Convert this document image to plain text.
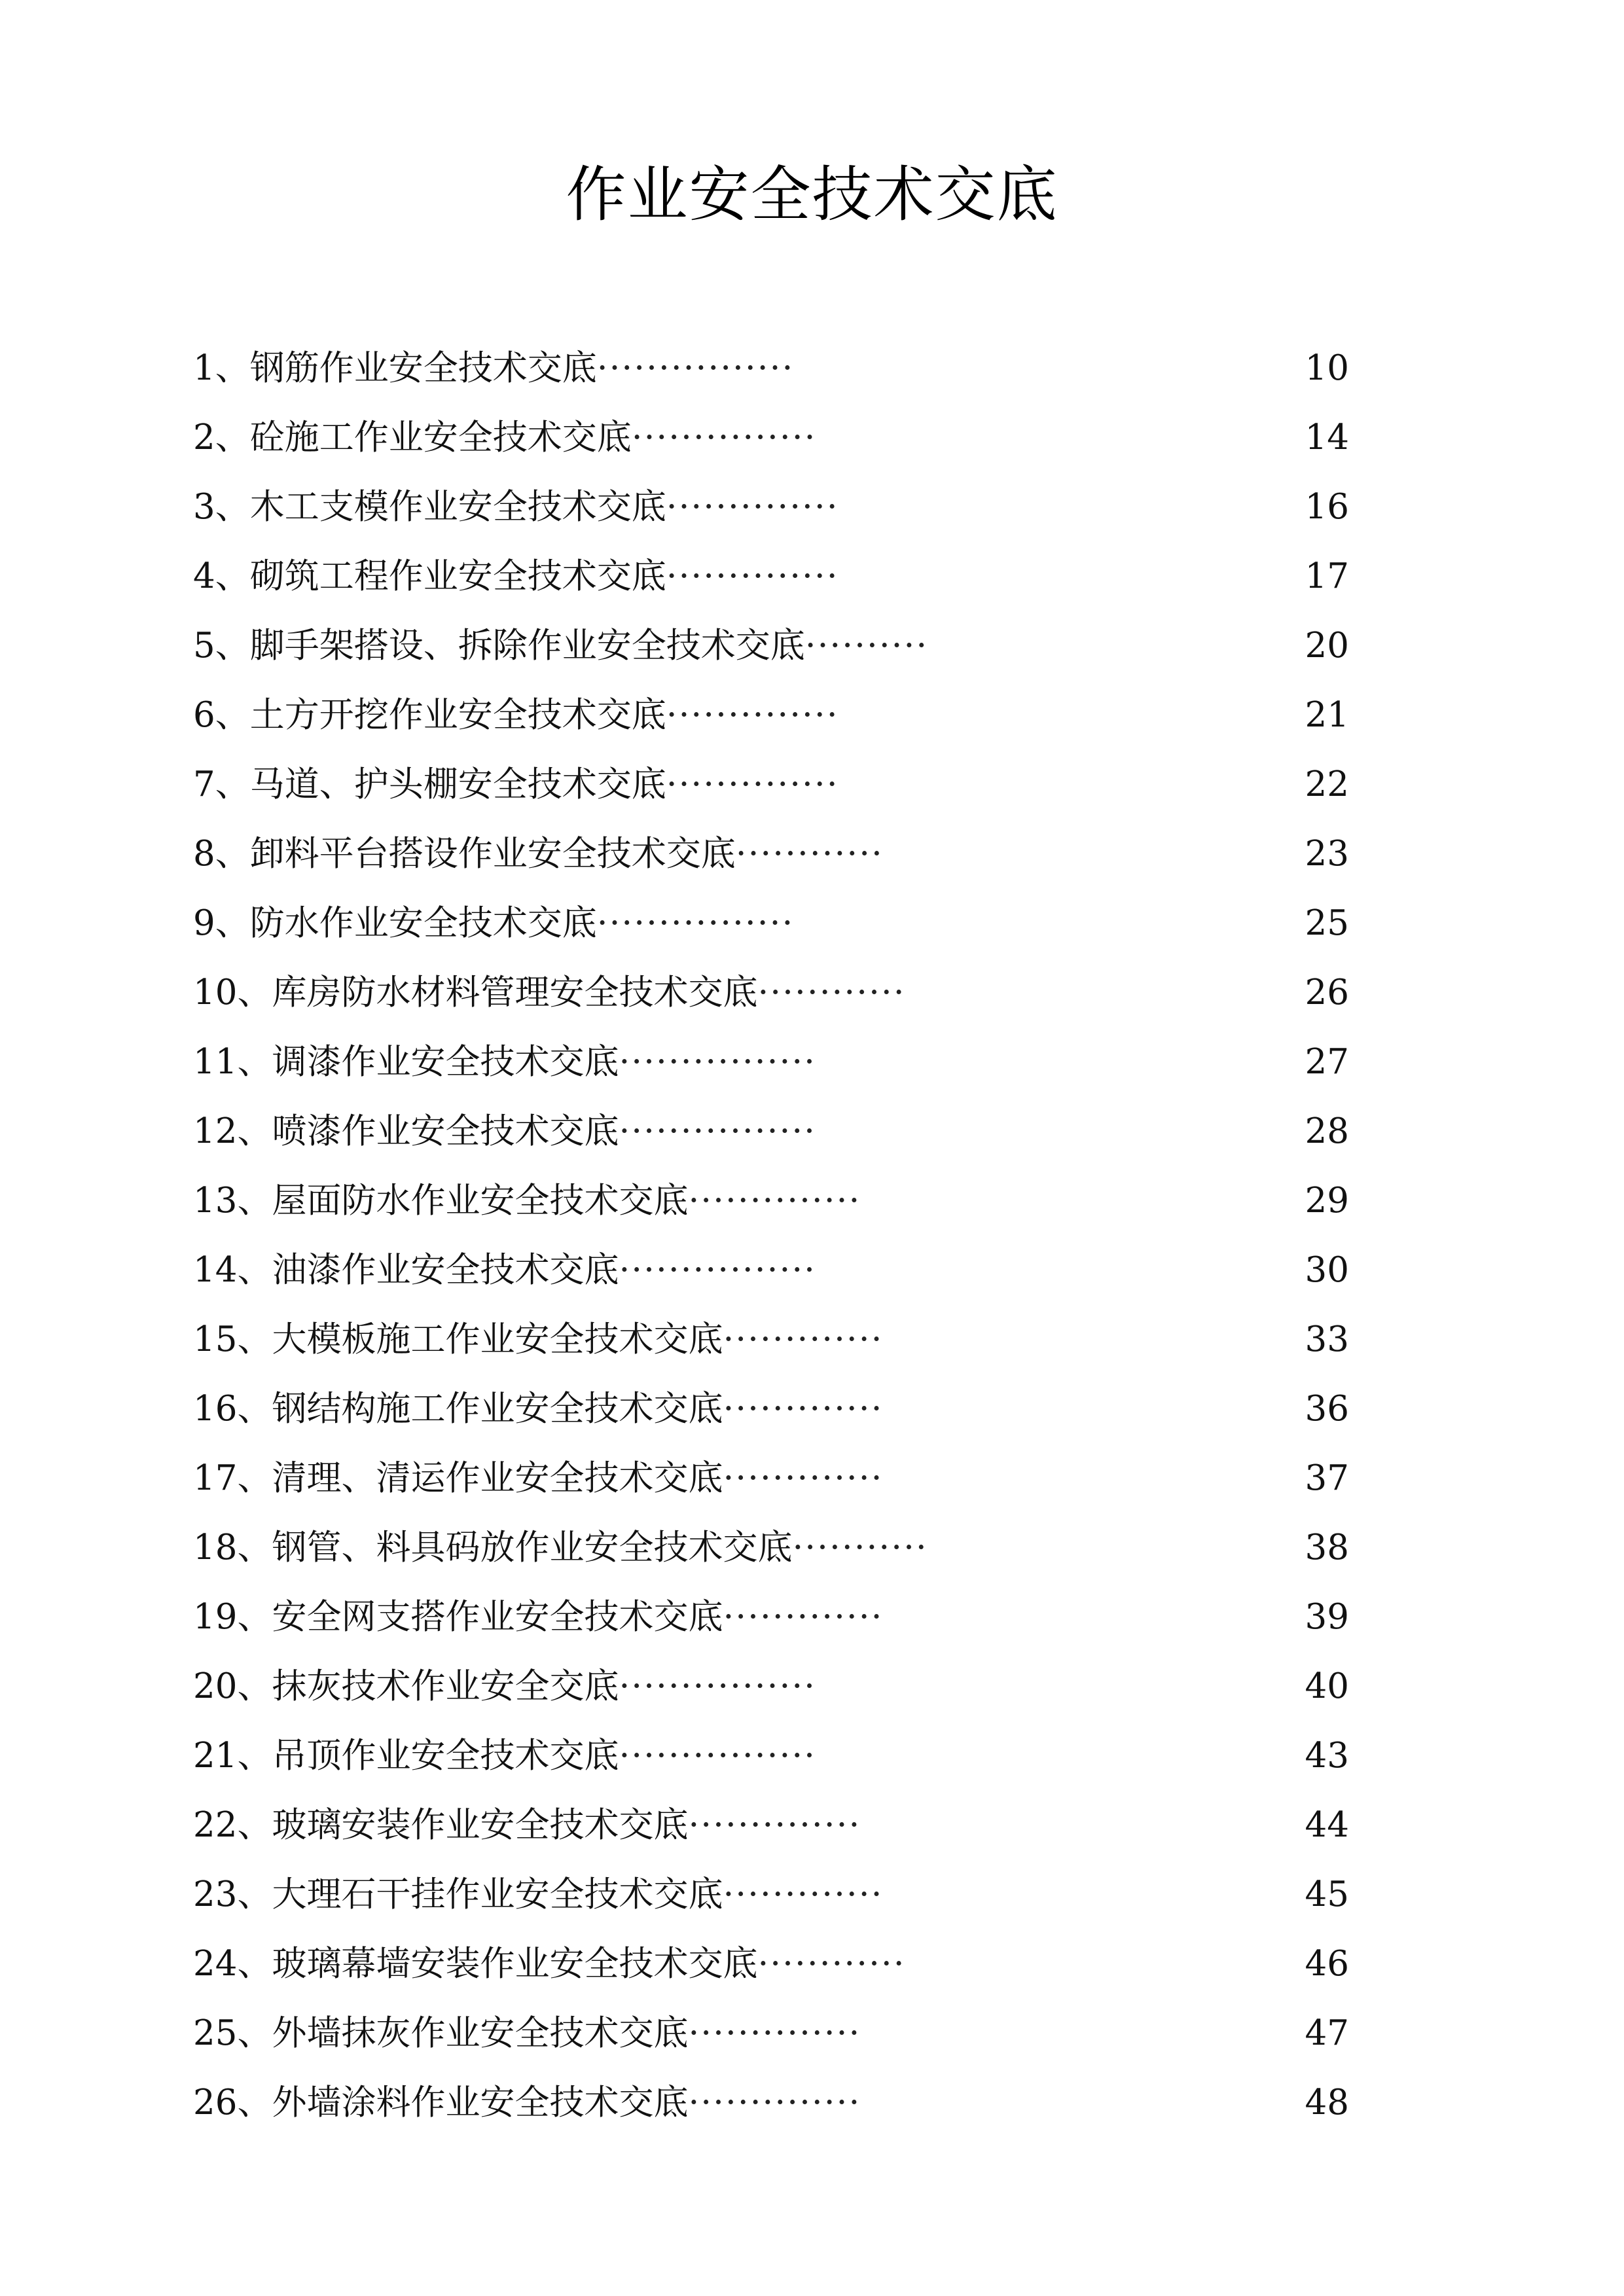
作业安全技术交底
1、钢筋作业安全技术交底················	10
2、砼施工作业安全技术交底···············	14
3、木工支模作业安全技术交底··············	16
4、砌筑工程作业安全技术交底··············	17
5、脚手架搭设、拆除作业安全技术交底··········	20
6、土方开挖作业安全技术交底··············	21
7、马道、护头棚安全技术交底··············	22
8、卸料平台搭设作业安全技术交底············	23
9、防水作业安全技术交底················	25
10、库房防水材料管理安全技术交底············	26
11、调漆作业安全技术交底················	27
12、喷漆作业安全技术交底················	28
13、屋面防水作业安全技术交底··············	29
14、油漆作业安全技术交底················	30
15、大模板施工作业安全技术交底·············	33
16、钢结构施工作业安全技术交底·············	36
17、清理、清运作业安全技术交底·············	37
18、钢管、料具码放作业安全技术交底···········	38
19、安全网支搭作业安全技术交底·············	39
20、抹灰技术作业安全交底················	40
21、吊顶作业安全技术交底················	43
22、玻璃安装作业安全技术交底··············	44
23、大理石干挂作业安全技术交底·············	45
24、玻璃幕墙安装作业安全技术交底············	46
25、外墙抹灰作业安全技术交底··············	47
26、外墙涂料作业安全技术交底··············	48
